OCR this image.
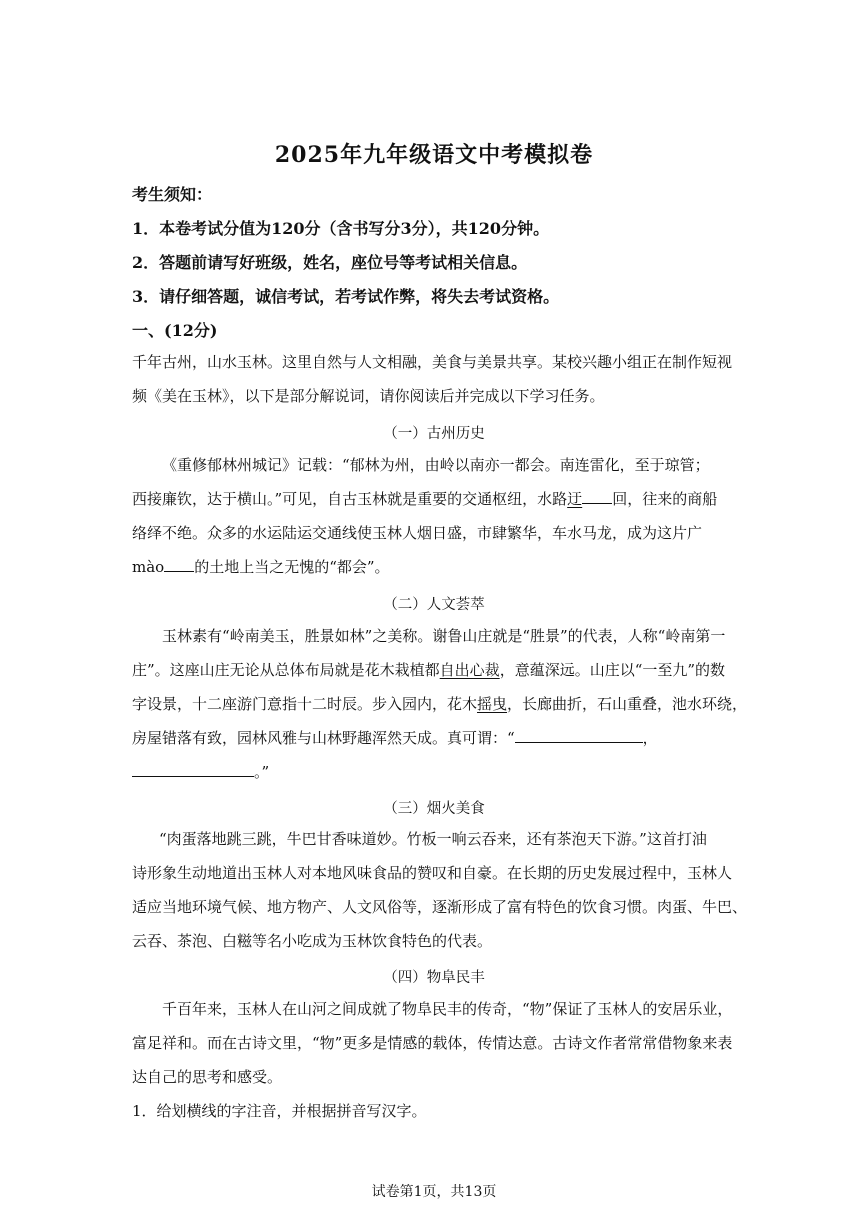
2025年九年级语文中考模拟卷
考生须知：
1．本卷考试分值为120分（含书写分3分），共120分钟。
2．答题前请写好班级，姓名，座位号等考试相关信息。
3．请仔细答题，诚信考试，若考试作弊，将失去考试资格。
一、(12分)
千年古州，山水玉林。这里自然与人文相融，美食与美景共享。某校兴趣小组正在制作短视
频《美在玉林》，以下是部分解说词，请你阅读后并完成以下学习任务。
（一）古州历史
《重修郁林州城记》记载：“郁林为州，由岭以南亦一都会。南连雷化，至于琼管；
西接廉钦，达于横山。”可见，自古玉林就是重要的交通枢纽，水路迂 回，往来的商船
络绎不绝。众多的水运陆运交通线使玉林人烟日盛，市肆繁华，车水马龙，成为这片广
mào 的土地上当之无愧的“都会”。
（二）人文荟萃
玉林素有“岭南美玉，胜景如林”之美称。谢鲁山庄就是“胜景”的代表，人称“岭南第一
庄”。这座山庄无论从总体布局就是花木栽植都自出心裁，意蕴深远。山庄以“一至九”的数
字设景，十二座游门意指十二时辰。步入园内，花木摇曳，长廊曲折，石山重叠，池水环绕，
房屋错落有致，园林风雅与山林野趣浑然天成。真可谓：“	，
。”
（三）烟火美食
“肉蛋落地跳三跳，牛巴甘香味道妙。竹板一响云吞来，还有茶泡天下游。”这首打油
诗形象生动地道出玉林人对本地风味食品的赞叹和自豪。在长期的历史发展过程中，玉林人
适应当地环境气候、地方物产、人文风俗等，逐渐形成了富有特色的饮食习惯。肉蛋、牛巴、
云吞、茶泡、白糍等名小吃成为玉林饮食特色的代表。
（四）物阜民丰
千百年来，玉林人在山河之间成就了物阜民丰的传奇，“物”保证了玉林人的安居乐业，
富足祥和。而在古诗文里，“物”更多是情感的载体，传情达意。古诗文作者常常借物象来表
达自己的思考和感受。
1．给划横线的字注音，并根据拼音写汉字。
试卷第1页，共13页
